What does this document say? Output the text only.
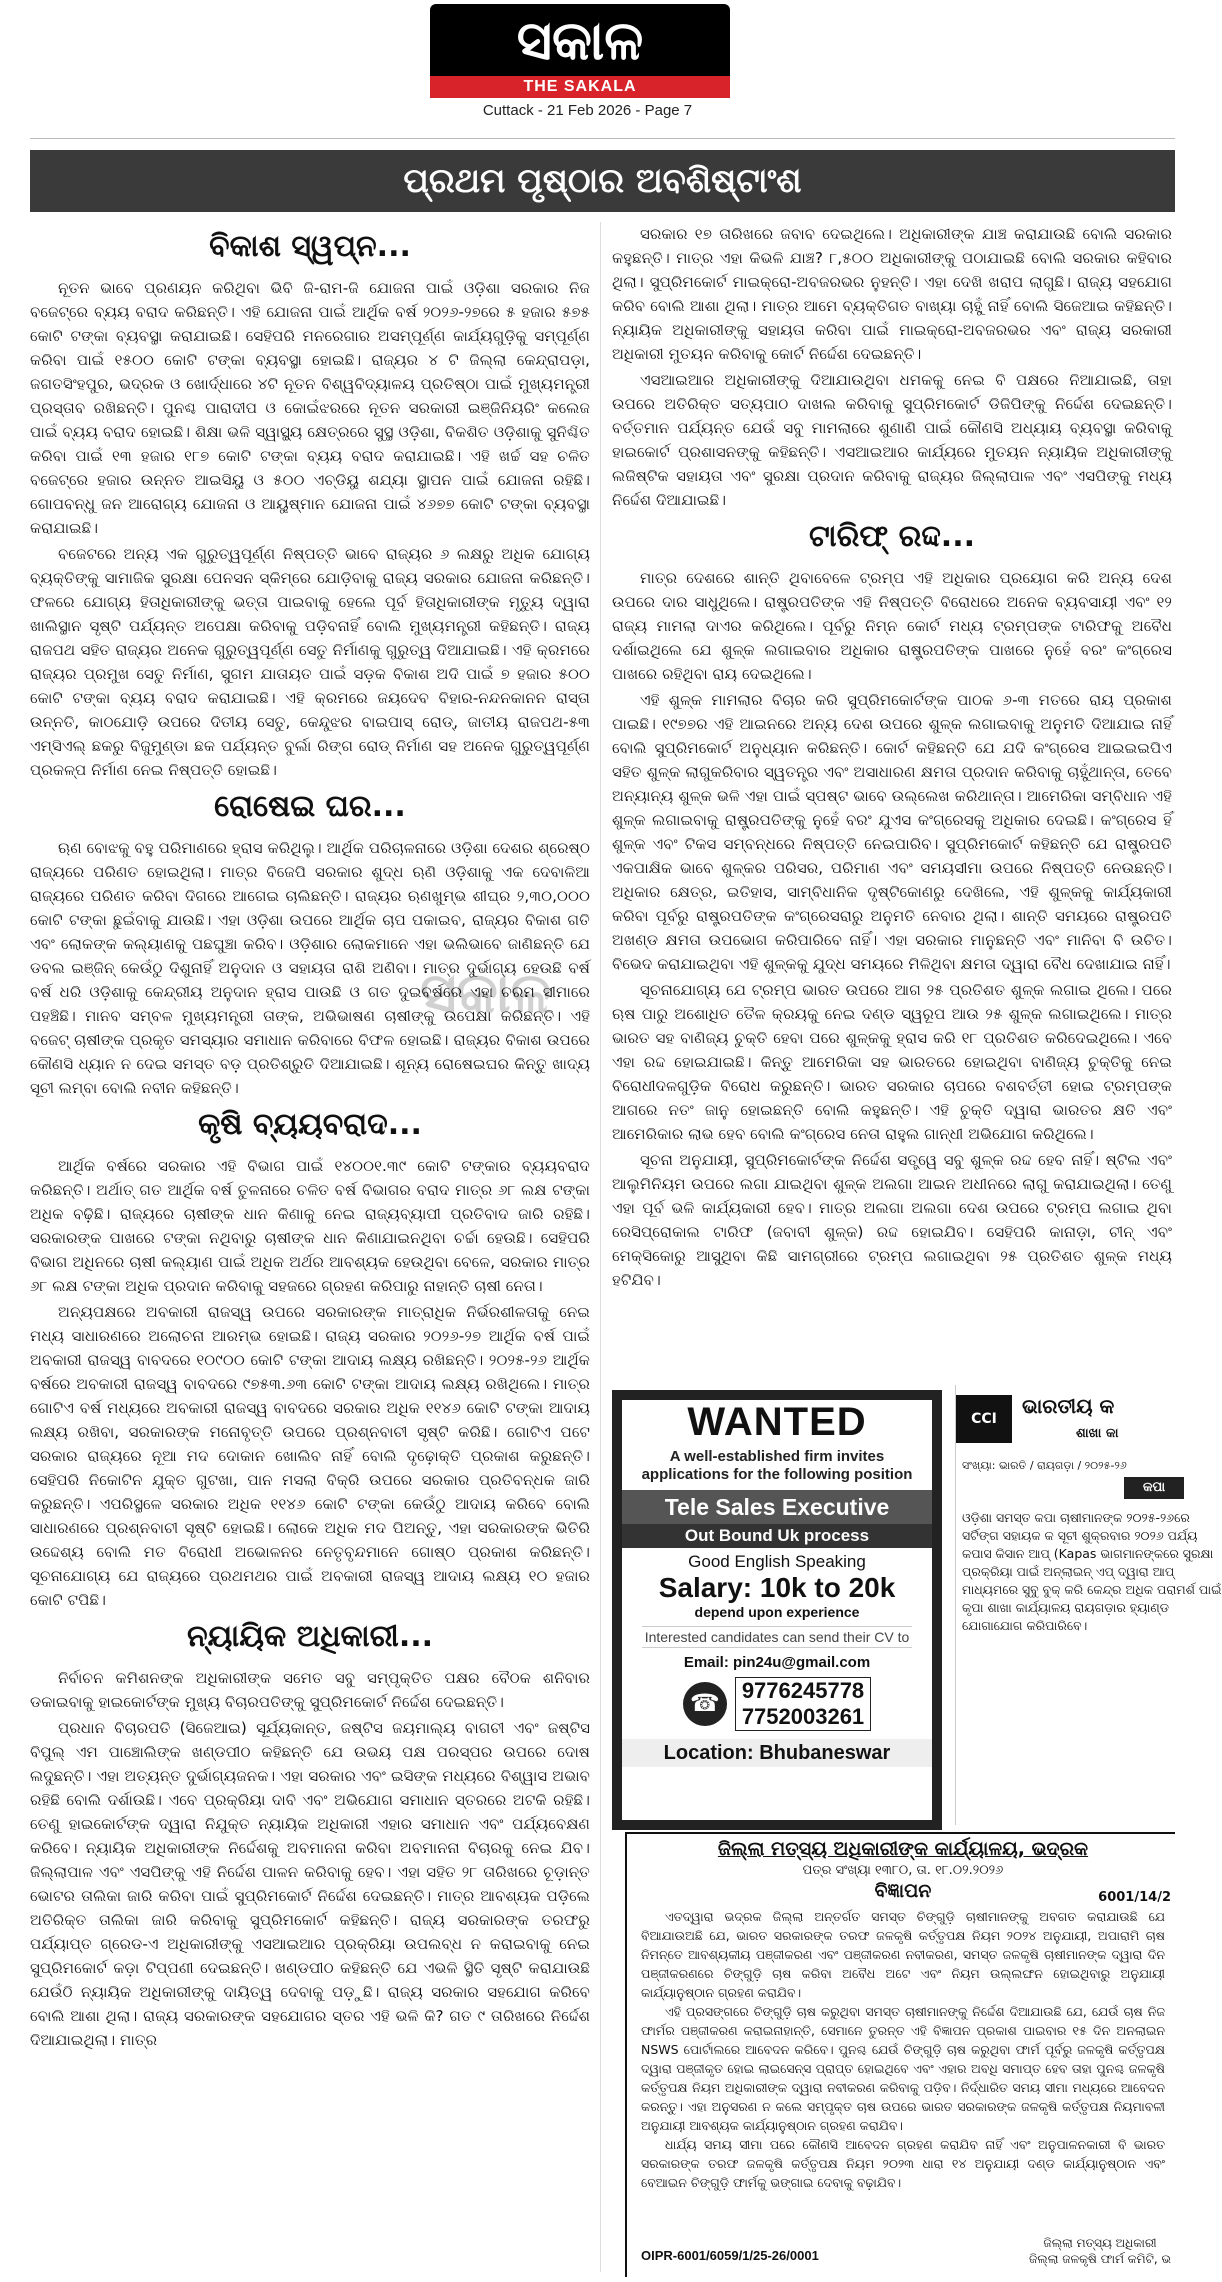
ସକାଳ
THE SAKALA
Cuttack - 21 Feb 2026 - Page 7
ପ୍ରଥମ ପୃଷ୍ଠାର ଅବଶିଷ୍ଟାଂଶ
ବିକାଶ ସ୍ୱପ୍ନ...

ନୂତନ ଭାବେ ପ୍ରଣୟନ କରିଥିବା ଭିବି ଜି-ରାମ-ଜି ଯୋଜନା ପାଇଁ ଓଡ଼ିଶା ସରକାର ନିଜ ବଜେଟ୍‌ରେ ବ୍ୟୟ ବରାଦ କରିଛନ୍ତି। ଏହି ଯୋଜନା ପାଇଁ ଆର୍ଥିକ ବର୍ଷ ୨୦୨୬-୨୭ରେ ୫ ହଜାର ୫୭୫ କୋଟି ଟଙ୍କା ବ୍ୟବସ୍ଥା କରାଯାଇଛି। ସେହିପରି ମନରେଗାର ଅସମ୍ପୂର୍ଣ୍ଣ କାର୍ଯ୍ୟଗୁଡ଼ିକୁ ସମ୍ପୂର୍ଣ୍ଣ କରିବା ପାଇଁ ୧୫୦୦ କୋଟି ଟଙ୍କା ବ୍ୟବସ୍ଥା ହୋଇଛି। ରାଜ୍ୟର ୪ ଟି ଜିଲ୍ଲା କେନ୍ଦ୍ରାପଡ଼ା, ଜଗତସିଂହପୁର, ଭଦ୍ରକ ଓ ଖୋର୍ଦ୍ଧାରେ ୪ଟି ନୂତନ ବିଶ୍ୱବିଦ୍ୟାଳୟ ପ୍ରତିଷ୍ଠା ପାଇଁ ମୁଖ୍ୟମନ୍ତ୍ରୀ ପ୍ରସ୍ତାବ ରଖିଛନ୍ତି। ପୁନଶ୍ଚ ପାରାଦୀପ ଓ କୋଇଁଝରରେ ନୂତନ ସରକାରୀ ଇଞ୍ଜିନିୟରିଂ କଲେଜ ପାଇଁ ବ୍ୟୟ ବରାଦ ହୋଇଛି। ଶିକ୍ଷା ଭଳି ସ୍ୱାସ୍ଥ୍ୟ କ୍ଷେତ୍ରରେ ସୁସ୍ଥ ଓଡ଼ିଶା, ବିକଶିତ ଓଡ଼ିଶାକୁ ସୁନିଶ୍ଚିତ କରିବା ପାଇଁ ୧୩ ହଜାର ୧୮୭ କୋଟି ଟଙ୍କା ବ୍ୟୟ ବରାଦ କରାଯାଇଛି। ଏହି ଖର୍ଚ୍ଚ ସହ ଚଳିତ ବଜେଟ୍‌ରେ ହଜାର ଉନ୍ନତ ଆଇସିୟୁ ଓ ୫୦୦ ଏଚ୍‌ଡିୟୁ ଶଯ୍ୟା ସ୍ଥାପନ ପାଇଁ ଯୋଜନା ରହିଛି। ଗୋପବନ୍ଧୁ ଜନ ଆରୋଗ୍ୟ ଯୋଜନା ଓ ଆୟୁଷ୍ମାନ ଯୋଜନା ପାଇଁ ୪୬୭୭ କୋଟି ଟଙ୍କା ବ୍ୟବସ୍ଥା କରାଯାଇଛି।

ବଜେଟରେ ଅନ୍ୟ ଏକ ଗୁରୁତ୍ୱପୂର୍ଣ୍ଣ ନିଷ୍ପତ୍ତି ଭାବେ ରାଜ୍ୟର ୬ ଲକ୍ଷରୁ ଅଧିକ ଯୋଗ୍ୟ ବ୍ୟକ୍ତିଙ୍କୁ ସାମାଜିକ ସୁରକ୍ଷା ପେନସନ ସ୍କିମ୍‌ରେ ଯୋଡ଼ିବାକୁ ରାଜ୍ୟ ସରକାର ଯୋଜନା କରିଛନ୍ତି। ଫଳରେ ଯୋଗ୍ୟ ହିତାଧିକାରୀଙ୍କୁ ଭତ୍ତା ପାଇବାକୁ ହେଲେ ପୂର୍ବ ହିତାଧିକାରୀଙ୍କ ମୃତ୍ୟୁ ଦ୍ୱାରା ଖାଲିସ୍ଥାନ ସୃଷ୍ଟି ପର୍ଯ୍ୟନ୍ତ ଅପେକ୍ଷା କରିବାକୁ ପଡ଼ିବନାହିଁ ବୋଲି ମୁଖ୍ୟମନ୍ତ୍ରୀ କହିଛନ୍ତି। ରାଜ୍ୟ ରାଜପଥ ସହିତ ରାଜ୍ୟର ଅନେକ ଗୁରୁତ୍ୱପୂର୍ଣ୍ଣ ସେତୁ ନିର୍ମାଣକୁ ଗୁରୁତ୍ୱ ଦିଆଯାଇଛି। ଏହି କ୍ରମରେ ରାଜ୍ୟର ପ୍ରମୁଖ ସେତୁ ନିର୍ମାଣ, ସୁଗମ ଯାତାୟତ ପାଇଁ ସଡ଼କ ବିକାଶ ଅଦି ପାଇଁ ୭ ହଜାର ୫୦୦ କୋଟି ଟଙ୍କା ବ୍ୟୟ ବରାଦ କରାଯାଇଛି। ଏହି କ୍ରମରେ ଜୟଦେବ ବିହାର-ନନ୍ଦନକାନନ ରାସ୍ତା ଉନ୍ନତି, କାଠଯୋଡ଼ି ଉପରେ ଦିତୀୟ ସେତୁ, କେନ୍ଦୁଝର ବାଇପାସ୍ ରୋଡ୍, ଜାତୀୟ ରାଜପଥ-୫୩ ଏମ୍‌ସିଏଲ୍ ଛକରୁ ବିଜୁମୁଣ୍ଡା ଛକ ପର୍ଯ୍ୟନ୍ତ ବୁର୍ଲା ରିଙ୍ଗ ରୋଡ୍ ନିର୍ମାଣ ସହ ଅନେକ ଗୁରୁତ୍ୱପୂର୍ଣ୍ଣ ପ୍ରକଳ୍ପ ନିର୍ମାଣ ନେଇ ନିଷ୍ପତ୍ତି ହୋଇଛି।

ରୋଷେଇ ଘର...

ଋଣ ବୋଝକୁ ବହୁ ପରିମାଣରେ ହ୍ରାସ କରିଥିଲୁ। ଆର୍ଥିକ ପରିଚାଳନାରେ ଓଡ଼ିଶା ଦେଶର ଶ୍ରେଷ୍ଠ ରାଜ୍ୟରେ ପରିଣତ ହୋଇଥିଲା। ମାତ୍ର ବିଜେପି ସରକାର ଶୁଦ୍ଧ ଋଣି ଓଡ଼ିଶାକୁ ଏକ ଦେବାଳିଆ ରାଜ୍ୟରେ ପରିଣତ କରିବା ଦିଗରେ ଆଗେଇ ଚାଲିଛନ୍ତି। ରାଜ୍ୟର ଋଣଖୁମ୍ଭ ଶୀଘ୍ର ୨,୩୦,୦୦୦ କୋଟି ଟଙ୍କା ଛୁଇଁବାକୁ ଯାଉଛି। ଏହା ଓଡ଼ିଶା ଉପରେ ଆର୍ଥିକ ଚାପ ପକାଇବ, ରାଜ୍ୟର ବିକାଶ ଗତି ଏବଂ ଲୋକଙ୍କ କଲ୍ୟାଣକୁ ପଛଘୁଞ୍ଚା କରିବ। ଓଡ଼ିଶାର ଲୋକମାନେ ଏହା ଭଲିଭାବେ ଜାଣିଛନ୍ତି ଯେ ଡବଲ ଇଞ୍ଜିନ୍ କେଉଁଠୁ ଦିଶୁନାହିଁ ଅନୁଦାନ ଓ ସହାୟତା ରାଶି ଅଣିବା। ମାତ୍ର ଦୁର୍ଭାଗ୍ୟ ହେଉଛି ବର୍ଷ ବର୍ଷ ଧରି ଓଡ଼ିଶାକୁ କେନ୍ଦ୍ରୀୟ ଅନୁଦାନ ହ୍ରାସ ପାଉଛି ଓ ଗତ ଦୁଇବର୍ଷରେ ଏହା ଚରମ ସୀମାରେ ପହଞ୍ଚିଛି। ମାନବ ସମ୍ବଳ ମୁଖ୍ୟମନ୍ତ୍ରୀ ତାଙ୍କ, ଅଭିଭାଷଣ ଚାଷୀଙ୍କୁ ଉପେକ୍ଷା କରିଛନ୍ତି। ଏହି ବଜେଟ୍ ଚାଷୀଙ୍କ ପ୍ରକୃତ ସମସ୍ୟାର ସମାଧାନ କରିବାରେ ବିଫଳ ହୋଇଛି। ରାଜ୍ୟର ବିକାଶ ଉପରେ କୌଣସି ଧ୍ୟାନ ନ ଦେଇ ସମସ୍ତ ବଡ଼ ପ୍ରତିଶ୍ରୁତି ଦିଆଯାଇଛି। ଶୂନ୍ୟ ରୋଷେଇଘର କିନ୍ତୁ ଖାଦ୍ୟ ସୂଚୀ ଲମ୍ବା ବୋଲି ନବୀନ କହିଛନ୍ତି।

କୃଷି ବ୍ୟୟବରାଦ...

ଆର୍ଥିକ ବର୍ଷରେ ସରକାର ଏହି ବିଭାଗ ପାଇଁ ୧୪୦୦୧.୩୯ କୋଟି ଟଙ୍କାର ବ୍ୟୟବରାଦ କରିଛନ୍ତି। ଅର୍ଥାତ୍ ଗତ ଆର୍ଥିକ ବର୍ଷ ତୁଳନାରେ ଚଳିତ ବର୍ଷ ବିଭାଗର ବରାଦ ମାତ୍ର ୬୮ ଲକ୍ଷ ଟଙ୍କା ଅଧିକ ବଢ଼ିଛି। ରାଜ୍ୟରେ ଚାଷୀଙ୍କ ଧାନ କିଣାକୁ ନେଇ ରାଜ୍ୟବ୍ୟାପୀ ପ୍ରତିବାଦ ଜାରି ରହିଛି। ସରକାରଙ୍କ ପାଖରେ ଟଙ୍କା ନଥିବାରୁ ଚାଷୀଙ୍କ ଧାନ କିଣାଯାଇନଥିବା ଚର୍ଚ୍ଚା ହେଉଛି। ସେହିପରି ବିଭାଗ ଅଧିନରେ ଚାଷୀ କଲ୍ୟାଣ ପାଇଁ ଅଧିକ ଅର୍ଥର ଆବଶ୍ୟକ ହେଉଥିବା ବେଳେ, ସରକାର ମାତ୍ର ୬୮ ଲକ୍ଷ ଟଙ୍କା ଅଧିକ ପ୍ରଦାନ କରିବାକୁ ସହଜରେ ଗ୍ରହଣ କରିପାରୁ ନାହାନ୍ତି ଚାଷୀ ନେତା।

ଅନ୍ୟପକ୍ଷରେ ଅବକାରୀ ରାଜସ୍ୱ ଉପରେ ସରକାରଙ୍କ ମାତ୍ରାଧିକ ନିର୍ଭରଶୀଳତାକୁ ନେଇ ମଧ୍ୟ ସାଧାରଣରେ ଅଲୋଚନା ଆରମ୍ଭ ହୋଇଛି। ରାଜ୍ୟ ସରକାର ୨୦୨୬-୨୭ ଆର୍ଥିକ ବର୍ଷ ପାଇଁ ଅବକାରୀ ରାଜସ୍ୱ ବାବଦରେ ୧୦୯୦୦ କୋଟି ଟଙ୍କା ଆଦାୟ ଲକ୍ଷ୍ୟ ରଖିଛନ୍ତି। ୨୦୨୫-୨୬ ଆର୍ଥିକ ବର୍ଷରେ ଅବକାରୀ ରାଜସ୍ୱ ବାବଦରେ ୯୭୫୩.୬୩ କୋଟି ଟଙ୍କା ଆଦାୟ ଲକ୍ଷ୍ୟ ରଖିଥିଲେ। ମାତ୍ର ଗୋଟିଏ ବର୍ଷ ମଧ୍ୟରେ ଅବକାରୀ ରାଜସ୍ୱ ବାବଦରେ ସରକାର ଅଧିକ ୧୧୪୬ କୋଟି ଟଙ୍କା ଆଦାୟ ଲକ୍ଷ୍ୟ ରଖିବା, ସରକାରଙ୍କ ମନୋବୃତ୍ତି ଉପରେ ପ୍ରଶ୍ନବାଚୀ ସୃଷ୍ଟି କରିଛି। ଗୋଟିଏ ପଟେ ସରକାର ରାଜ୍ୟରେ ନୂଆ ମଦ ଦୋକାନ ଖୋଲିବ ନାହିଁ ବୋଲି ଦୃଢ଼ୋକ୍ତି ପ୍ରକାଶ କରୁଛନ୍ତି। ସେହିପରି ନିକୋଟିନ ଯୁକ୍ତ ଗୁଟଖା, ପାନ ମସଲା ବିକ୍ରି ଉପରେ ସରକାର ପ୍ରତିବନ୍ଧକ ଜାରି କରୁଛନ୍ତି। ଏପରିସ୍ଥଳେ ସରକାର ଅଧିକ ୧୧୪୬ କୋଟି ଟଙ୍କା କେଉଁଠୁ ଆଦାୟ କରିବେ ବୋଲି ସାଧାରଣରେ ପ୍ରଶ୍ନବାଚୀ ସୃଷ୍ଟି ହୋଇଛି। ଲୋକେ ଅଧିକ ମଦ ପିଅନ୍ତୁ, ଏହା ସରକାରଙ୍କ ଭିତିରି ଉଦ୍ଦେଶ୍ୟ ବୋଲି ମତ ବିରୋଧୀ ଅଭୋଳନର ନେତୃବୃନ୍ଦମାନେ ଗୋଷ୍ଠ ପ୍ରକାଶ କରିଛନ୍ତି। ସୂଚନାଯୋଗ୍ୟ ଯେ ରାଜ୍ୟରେ ପ୍ରଥମଥର ପାଇଁ ଅବକାରୀ ରାଜସ୍ୱ ଆଦାୟ ଲକ୍ଷ୍ୟ ୧୦ ହଜାର କୋଟି ଟପିଛି।

ନ୍ୟାୟିକ ଅଧିକାରୀ...

ନିର୍ବାଚନ କମିଶନଙ୍କ ଅଧିକାରୀଙ୍କ ସମେତ ସବୁ ସମ୍ପୃକ୍ତିତ ପକ୍ଷର ବୈଠକ ଶନିବାର ଡକାଇବାକୁ ହାଇକୋର୍ଟଙ୍କ ମୁଖ୍ୟ ବିଚାରପତିଙ୍କୁ ସୁପ୍ରିମକୋର୍ଟ ନିର୍ଦ୍ଦେଶ ଦେଇଛନ୍ତି।

ପ୍ରଧାନ ବିଚାରପତି (ସିଜେଆଇ) ସୂର୍ଯ୍ୟକାନ୍ତ, ଜଷ୍ଟିସ ଜୟମାଲ୍ୟ ବାଗଚୀ ଏବଂ ଜଷ୍ଟିସ ବିପୁଲ୍ ଏମ ପାଞ୍ଚୋଲିଙ୍କ ଖଣ୍ଡପୀଠ କହିଛନ୍ତି ଯେ ଉଭୟ ପକ୍ଷ ପରସ୍ପର ଉପରେ ଦୋଷ ଲଦୁଛନ୍ତି। ଏହା ଅତ୍ୟନ୍ତ ଦୁର୍ଭାଗ୍ୟଜନକ। ଏହା ସରକାର ଏବଂ ଇସିଙ୍କ ମଧ୍ୟରେ ବିଶ୍ୱାସ ଅଭାବ ରହିଛି ବୋଲି ଦର୍ଶାଉଛି। ଏବେ ପ୍ରକ୍ରିୟା ଦାବି ଏବଂ ଅଭିଯୋଗ ସମାଧାନ ସ୍ତରରେ ଅଟକି ରହିଛି। ତେଣୁ ହାଇକୋର୍ଟଙ୍କ ଦ୍ୱାରା ନିଯୁକ୍ତ ନ୍ୟାୟିକ ଅଧିକାରୀ ଏହାର ସମାଧାନ ଏବଂ ପର୍ଯ୍ୟବେକ୍ଷଣ କରିବେ। ନ୍ୟାୟିକ ଅଧିକାରୀଙ୍କ ନିର୍ଦ୍ଦେଶକୁ ଅବମାନନା କରିବା ଅବମାନନା ବିଚାରକୁ ନେଇ ଯିବ। ଜିଲ୍ଲାପାଳ ଏବଂ ଏସପିଙ୍କୁ ଏହି ନିର୍ଦ୍ଦେଶ ପାଳନ କରିବାକୁ ହେବ। ଏହା ସହିତ ୨୮ ତାରିଖରେ ଚୂଡ଼ାନ୍ତ ଭୋଟର ତାଲିକା ଜାରି କରିବା ପାଇଁ ସୁପ୍ରିମକୋର୍ଟ ନିର୍ଦ୍ଦେଶ ଦେଇଛନ୍ତି। ମାତ୍ର ଆବଶ୍ୟକ ପଡ଼ିଲେ ଅତିରିକ୍ତ ତାଲିକା ଜାରି କରିବାକୁ ସୁପ୍ରିମକୋର୍ଟ କହିଛନ୍ତି। ରାଜ୍ୟ ସରକାରଙ୍କ ତରଫରୁ ପର୍ଯ୍ୟାପ୍ତ ଗ୍ରେଡ-ଏ ଅଧିକାରୀଙ୍କୁ ଏସଆଇଆର ପ୍ରକ୍ରିୟା ଉପଲବ୍ଧ ନ କରାଇବାକୁ ନେଇ ସୁପ୍ରିମକୋର୍ଟ କଡ଼ା ଟିପ୍ପଣୀ ଦେଇଛନ୍ତି। ଖଣ୍ଡପୀଠ କହିଛନ୍ତି ଯେ ଏଭଳି ସ୍ଥିତି ସୃଷ୍ଟି କରାଯାଉଛି ଯେଉଁଠି ନ୍ୟାୟିକ ଅଧିକାରୀଙ୍କୁ ଦାୟିତ୍ୱ ଦେବାକୁ ପଡ଼ୁଛି। ରାଜ୍ୟ ସରକାର ସହଯୋଗ କରିବେ ବୋଲି ଆଶା ଥିଲା। ରାଜ୍ୟ ସରକାରଙ୍କ ସହଯୋଗର ସ୍ତର ଏହି ଭଳି କି? ଗତ ୯ ତାରିଖରେ ନିର୍ଦ୍ଦେଶ ଦିଆଯାଇଥିଲା। ମାତ୍ର

ସରକାର ୧୭ ତାରିଖରେ ଜବାବ ଦେଇଥିଲେ। ଅଧିକାରୀଙ୍କ ଯାଞ୍ଚ କରାଯାଉଛି ବୋଲି ସରକାର କହୁଛନ୍ତି। ମାତ୍ର ଏହା କିଭଳି ଯାଞ୍ଚ? ୮,୫୦୦ ଅଧିକାରୀଙ୍କୁ ପଠାଯାଇଛି ବୋଲି ସରକାର କହିବାର ଥିଲା। ସୁପ୍ରିମକୋର୍ଟ ମାଇକ୍ରୋ-ଅବଜରଭର ନୁହନ୍ତି। ଏହା ଦେଖି ଖରାପ ଲାଗୁଛି। ରାଜ୍ୟ ସହଯୋଗ କରିବ ବୋଲି ଆଶା ଥିଲା। ମାତ୍ର ଆମେ ବ୍ୟକ୍ତିଗତ ବାଖ୍ୟା ଚାହୁଁ ନାହିଁ ବୋଲି ସିଜେଆଇ କହିଛନ୍ତି। ନ୍ୟାୟିକ ଅଧିକାରୀଙ୍କୁ ସହାୟତା କରିବା ପାଇଁ ମାଇକ୍ରୋ-ଅବଜରଭର ଏବଂ ରାଜ୍ୟ ସରକାରୀ ଅଧିକାରୀ ମୁତୟନ କରିବାକୁ କୋର୍ଟ ନିର୍ଦ୍ଦେଶ ଦେଇଛନ୍ତି।

ଏସଆଇଆର ଅଧିକାରୀଙ୍କୁ ଦିଆଯାଉଥିବା ଧମକକୁ ନେଇ ବି ପକ୍ଷରେ ନିଆଯାଇଛି, ତାହା ଉପରେ ଅତିରିକ୍ତ ସତ୍ୟପାଠ ଦାଖଲ କରିବାକୁ ସୁପ୍ରିମକୋର୍ଟ ଡିଜିପିଙ୍କୁ ନିର୍ଦ୍ଦେଶ ଦେଇଛନ୍ତି। ବର୍ତ୍ତମାନ ପର୍ଯ୍ୟନ୍ତ ଯେଉଁ ସବୁ ମାମଲାରେ ଶୁଣାଣି ପାଇଁ କୌଣସି ଅଧ୍ୟାୟ ବ୍ୟବସ୍ଥା କରିବାକୁ ହାଇକୋର୍ଟ ପ୍ରଶାସନଙ୍କୁ କହିଛନ୍ତି। ଏସଆଇଆର କାର୍ଯ୍ୟରେ ମୁତୟନ ନ୍ୟାୟିକ ଅଧିକାରୀଙ୍କୁ ଲଜିଷ୍ଟିକ ସହାୟତା ଏବଂ ସୁରକ୍ଷା ପ୍ରଦାନ କରିବାକୁ ରାଜ୍ୟର ଜିଲ୍ଲାପାଳ ଏବଂ ଏସପିଙ୍କୁ ମଧ୍ୟ ନିର୍ଦ୍ଦେଶ ଦିଆଯାଇଛି।

ଟାରିଫ୍ ରଦ୍ଦ...

ମାତ୍ର ଦେଶରେ ଶାନ୍ତି ଥିବାବେଳେ ଟ୍ରମ୍ପ ଏହି ଅଧିକାର ପ୍ରୟୋଗ କରି ଅନ୍ୟ ଦେଶ ଉପରେ ଦାର ସାଧୁଥିଲେ। ରାଷ୍ଟ୍ରପତିଙ୍କ ଏହି ନିଷ୍ପତ୍ତି ବିରୋଧରେ ଅନେକ ବ୍ୟବସାୟୀ ଏବଂ ୧୨ ରାଜ୍ୟ ମାମଲା ଦାଏର କରିଥିଲେ। ପୂର୍ବରୁ ନିମ୍ନ କୋର୍ଟ ମଧ୍ୟ ଟ୍ରମ୍ପଙ୍କ ଟାରିଫକୁ ଅବୈଧ ଦର୍ଶାଇଥିଲେ ଯେ ଶୁଳ୍କ ଲଗାଇବାର ଅଧିକାର ରାଷ୍ଟ୍ରପତିଙ୍କ ପାଖରେ ନୁହେଁ ବରଂ କଂଗ୍ରେସ ପାଖରେ ରହିଥିବା ରାୟ ଦେଇଥିଲେ।

ଏହି ଶୁଳ୍କ ମାମଲାର ବିଚାର କରି ସୁପ୍ରିମକୋର୍ଟଙ୍କ ପାଠକ ୬-୩ ମତରେ ରାୟ ପ୍ରକାଶ ପାଇଛି। ୧୯୭୭ର ଏହି ଆଇନରେ ଅନ୍ୟ ଦେଶ ଉପରେ ଶୁଳ୍କ ଲଗାଇବାକୁ ଅନୁମତି ଦିଆଯାଇ ନାହିଁ ବୋଲି ସୁପ୍ରିମକୋର୍ଟ ଅନୁଧ୍ୟାନ କରିଛନ୍ତି। କୋର୍ଟ କହିଛନ୍ତି ଯେ ଯଦି କଂଗ୍ରେସ ଆଇଇଇପିଏ ସହିତ ଶୁଳ୍କ ଲାଗୁକରିବାର ସ୍ୱତନ୍ତ୍ର ଏବଂ ଅସାଧାରଣ କ୍ଷମତା ପ୍ରଦାନ କରିବାକୁ ଚାହୁଁଥାନ୍ତା, ତେବେ ଅନ୍ୟାନ୍ୟ ଶୁଳ୍କ ଭଳି ଏହା ପାଇଁ ସ୍ପଷ୍ଟ ଭାବେ ଉଲ୍ଲେଖ କରିଥାନ୍ତା। ଆମେରିକା ସମ୍ବିଧାନ ଏହି ଶୁଳ୍କ ଲଗାଇବାକୁ ରାଷ୍ଟ୍ରପତିଙ୍କୁ ନୁହେଁ ବରଂ ଯୁଏସ କଂଗ୍ରେସକୁ ଅଧିକାର ଦେଇଛି। କଂଗ୍ରେସ ହିଁ ଶୁଳ୍କ ଏବଂ ଟିକସ ସମ୍ବନ୍ଧରେ ନିଷ୍ପତ୍ତି ନେଇପାରିବ। ସୁପ୍ରିମକୋର୍ଟ କହିଛନ୍ତି ଯେ ରାଷ୍ଟ୍ରପତି ଏକପାକ୍ଷିକ ଭାବେ ଶୁଳ୍କର ପରିସର, ପରିମାଣ ଏବଂ ସମୟସୀମା ଉପରେ ନିଷ୍ପତ୍ତି ନେଉଛନ୍ତି। ଅଧିକାର କ୍ଷେତ୍ର, ଇତିହାସ, ସାମ୍ବିଧାନିକ ଦୃଷ୍ଟିକୋଣରୁ ଦେଖିଲେ, ଏହି ଶୁଳ୍କକୁ କାର୍ଯ୍ୟକାରୀ କରିବା ପୂର୍ବରୁ ରାଷ୍ଟ୍ରପତିଙ୍କ କଂଗ୍ରେସରାରୁ ଅନୁମତି ନେବାର ଥିଲା। ଶାନ୍ତି ସମୟରେ ରାଷ୍ଟ୍ରପତି ଅଖଣ୍ଡ କ୍ଷମତା ଉପଭୋଗ କରିପାରିବେ ନାହିଁ। ଏହା ସରକାର ମାନୁଛନ୍ତି ଏବଂ ମାନିବା ବି ଉଚିତ। ବିଭେଦ କରାଯାଇଥିବା ଏହି ଶୁଳ୍କକୁ ଯୁଦ୍ଧ ସମୟରେ ମିଳିଥିବା କ୍ଷମତା ଦ୍ୱାରା ବୈଧ ଦେଖାଯାଇ ନାହିଁ।

ସୂଚନାଯୋଗ୍ୟ ଯେ ଟ୍ରମ୍ପ ଭାରତ ଉପରେ ଆଗ ୨୫ ପ୍ରତିଶତ ଶୁଳ୍କ ଲଗାଇ ଥିଲେ। ପରେ ଋଷ ପାରୁ ଅଶୋଧିତ ତୈଳ କ୍ରୟକୁ ନେଇ ଦଣ୍ଡ ସ୍ୱରୂପ ଆଉ ୨୫ ଶୁଳ୍କ ଲଗାଇଥିଲେ। ମାତ୍ର ଭାରତ ସହ ବାଣିଜ୍ୟ ଚୁକ୍ତି ହେବା ପରେ ଶୁଳ୍କକୁ ହ୍ରାସ କରି ୧୮ ପ୍ରତିଶତ କରିଦେଇଥିଲେ। ଏବେ ଏହା ରଦ୍ଦ ହୋଇଯାଇଛି। କିନ୍ତୁ ଆମେରିକା ସହ ଭାରତରେ ହୋଇଥିବା ବାଣିଜ୍ୟ ଚୁକ୍ତିକୁ ନେଇ ବିରୋଧୀଦଳଗୁଡ଼ିକ ବିରୋଧ କରୁଛନ୍ତି। ଭାରତ ସରକାର ଚାପରେ ବଶବର୍ତ୍ତୀ ହୋଇ ଟ୍ରମ୍ପଙ୍କ ଆଗରେ ନତଂ ଜାନୁ ହୋଇଛନ୍ତି ବୋଲି କହୁଛନ୍ତି। ଏହି ଚୁକ୍ତି ଦ୍ୱାରା ଭାରତର କ୍ଷତି ଏବଂ ଆମେରିକାର ଲାଭ ହେବ ବୋଲି କଂଗ୍ରେସ ନେତା ରାହୁଲ ଗାନ୍ଧୀ ଅଭିଯୋଗ କରିଥିଲେ।

ସୂଚନା ଅନୁଯାୟୀ, ସୁପ୍ରିମକୋର୍ଟଙ୍କ ନିର୍ଦ୍ଦେଶ ସତ୍ତ୍ୱେ ସବୁ ଶୁଳ୍କ ରଦ୍ଦ ହେବ ନାହିଁ। ଷ୍ଟିଲ ଏବଂ ଆଲୁମିନିୟମ ଉପରେ ଲଗା ଯାଇଥିବା ଶୁଳ୍କ ଅଲଗା ଆଇନ ଅଧୀନରେ ଲାଗୁ କରାଯାଇଥିଲା। ତେଣୁ ଏହା ପୂର୍ବ ଭଳି କାର୍ଯ୍ୟକାରୀ ହେବ। ମାତ୍ର ଅଲଗା ଅଲଗା ଦେଶ ଉପରେ ଟ୍ରମ୍ପ ଲଗାଇ ଥିବା ରେସିପ୍ରୋକାଲ ଟାରିଫ (ଜବାବୀ ଶୁଳ୍କ) ରଦ୍ଦ ହୋଇଯିବ। ସେହିପରି କାନାଡ଼ା, ଚୀନ୍ ଏବଂ ମେକ୍ସିକୋରୁ ଆସୁଥିବା କିଛି ସାମଗ୍ରୀରେ ଟ୍ରମ୍ପ ଲଗାଇଥିବା ୨୫ ପ୍ରତିଶତ ଶୁଳ୍କ ମଧ୍ୟ ହଟିଯିବ।

ସକାଳ
WANTED
A well-established firm invites applications for the following position
Tele Sales Executive
Out Bound Uk process
Good English Speaking
Salary: 10k to 20k
depend upon experience
Interested candidates can send their CV to
Email: pin24u@gmail.com
☎	9776245778
7752003261
Location: Bhubaneswar
CCI
ଭାରତୀୟ କ
ଶାଖା କା
ସଂଖ୍ୟା: ଭାରତି / ରାୟଗଡ଼ା / ୨୦୨୫-୨୬
କପା
ଓଡ଼ିଶା ସମସ୍ତ କପା ଚାଷୀମାନଙ୍କ ୨୦୨୫-୨୬ରେ ସର୍ଟିଙ୍ଗ ସହାୟକ କ ସୂଚୀ ଶୁକ୍ରବାର ୨୦୨୬ ପର୍ଯ୍ୟ କପାସ କିସାନ ଆପ୍ (Kapas ଭାଗମାନଙ୍କରେ ସୁରକ୍ଷା ପ୍ରକ୍ରିୟା ପାଇଁ ଅନ୍ଲାଇନ୍ ଏପ୍ ଦ୍ୱାରା ଆପ୍ ମାଧ୍ୟମରେ ସୁବୁ ବୁକ୍ କରି କେନ୍ଦ୍ର ଅଧିକ ପରାମର୍ଶ ପାଇଁ କୃପା ଶାଖା କାର୍ଯ୍ୟାଳୟ ରାୟଗଡ଼ାର ହ୍ୟାଣ୍ଡ ଯୋଗାଯୋଗ କରିପାରିବେ।
ଜିଲ୍ଲା ମତ୍ସ୍ୟ ଅଧିକାରୀଙ୍କ କାର୍ଯ୍ୟାଳୟ, ଭଦ୍ରକ
ପତ୍ର ସଂଖ୍ୟା ୧୩୮୦, ତା. ୧୮.୦୨.୨୦୨୬
6001/14/2
ବିଜ୍ଞାପନ

ଏତଦ୍ୱାରା ଭଦ୍ରକ ଜିଲ୍ଲା ଅନ୍ତର୍ଗତ ସମସ୍ତ ଚିଙ୍ଗୁଡ଼ି ଚାଷୀମାନଙ୍କୁ ଅବଗତ କରାଯାଉଛି ଯେ ବିଆଯାଉଅଛି ଯେ, ଭାରତ ସରକାରଙ୍କ ତରଫ ଜଳକୃଷି କର୍ତ୍ତୃପକ୍ଷ ନିୟମ ୨୦୨୪ ଅନୁଯାୟୀ, ଅପାରାମି ଚାଷ ନିମନ୍ତେ ଆବଶ୍ୟକୀୟ ପଞ୍ଜୀକରଣ ଏବଂ ପଞ୍ଜୀକରଣ ନବୀକରଣ, ସମସ୍ତ ଜଳକୃଷି ଚାଷୀମାନଙ୍କ ଦ୍ୱାରା ଦିନ ପଞ୍ଜୀକରଣରେ ଚିଙ୍ଗୁଡ଼ି ଚାଷ କରିବା ଅବୈଧ ଅଟେ ଏବଂ ନିୟମ ଉଲ୍ଲଙ୍ଘନ ହୋଇଥିବାରୁ ଅନୁଯାୟୀ କାର୍ଯ୍ୟାନୁଷ୍ଠାନ ଗ୍ରହଣ କରାଯିବ।

ଏହି ପ୍ରସଙ୍ଗରେ ଚିଙ୍ଗୁଡ଼ି ଚାଷ କରୁଥିବା ସମସ୍ତ ଚାଷୀମାନଙ୍କୁ ନିର୍ଦ୍ଦେଶ ଦିଆଯାଉଛି ଯେ, ଯେଉଁ ଚାଷ ନିଜ ଫାର୍ମର ପଞ୍ଜୀକରଣ କରାଇନାହାନ୍ତି, ସେମାନେ ତୁରନ୍ତ ଏହି ବିଜ୍ଞାପନ ପ୍ରକାଶ ପାଇବାର ୧୫ ଦିନ ଅନଲାଇନ NSWS ପୋର୍ଟାଲରେ ଆବେଦନ କରିବେ। ପୁନଶ୍ଚ ଯେଉଁ ଚିଙ୍ଗୁଡ଼ି ଚାଷ କରୁଥିବା ଫାର୍ମ ପୂର୍ବରୁ ଜଳକୃଷି କର୍ତ୍ତୃପକ୍ଷ ଦ୍ୱାରା ପଞ୍ଜୀକୃତ ହୋଇ ଲାଇସେନ୍ସ ପ୍ରାପ୍ତ ହୋଇଥିବେ ଏବଂ ଏହାର ଅବଧି ସମାପ୍ତ ହେବ ତାହା ପୁନଶ୍ଚ ଜଳକୃଷି କର୍ତ୍ତୃପକ୍ଷ ନିୟମ ଅଧିକାରୀଙ୍କ ଦ୍ୱାରା ନବୀକରଣ କରିବାକୁ ପଡ଼ିବ। ନିର୍ଦ୍ଧାରିତ ସମୟ ସୀମା ମଧ୍ୟରେ ଆବେଦନ କରନ୍ତୁ। ଏହା ଅନୁସରଣ ନ କଲେ ସମ୍ପୃକ୍ତ ଚାଷ ଉପରେ ଭାରତ ସରକାରଙ୍କ ଜଳକୃଷି କର୍ତ୍ତୃପକ୍ଷ ନିୟମାବଳୀ ଅନୁଯାୟୀ ଆବଶ୍ୟକ କାର୍ଯ୍ୟାନୁଷ୍ଠାନ ଗ୍ରହଣ କରାଯିବ।

ଧାର୍ଯ୍ୟ ସମୟ ସୀମା ପରେ କୌଣସି ଆବେଦନ ଗ୍ରହଣ କରାଯିବ ନାହିଁ ଏବଂ ଅନୁପାଳନକାରୀ ବି ଭାରତ ସରକାରଙ୍କ ତରଫ ଜଳକୃଷି କର୍ତ୍ତୃପକ୍ଷ ନିୟମ ୨୦୨୩ ଧାରା ୧୪ ଅନୁଯାୟୀ ଦଣ୍ଡ କାର୍ଯ୍ୟାନୁଷ୍ଠାନ ଏବଂ ବେଆଇନ ଚିଙ୍ଗୁଡ଼ି ଫାର୍ମକୁ ଭଙ୍ଗାଇ ଦେବାକୁ ବଢ଼ାଯିବ।

OIPR-6001/6059/1/25-26/0001
ଜିଲ୍ଲା ମତ୍ସ୍ୟ ଅଧିକାରୀ
ଜିଲ୍ଲା ଜଳକୃଷି ଫାର୍ମ କମିଟି, ଭ
